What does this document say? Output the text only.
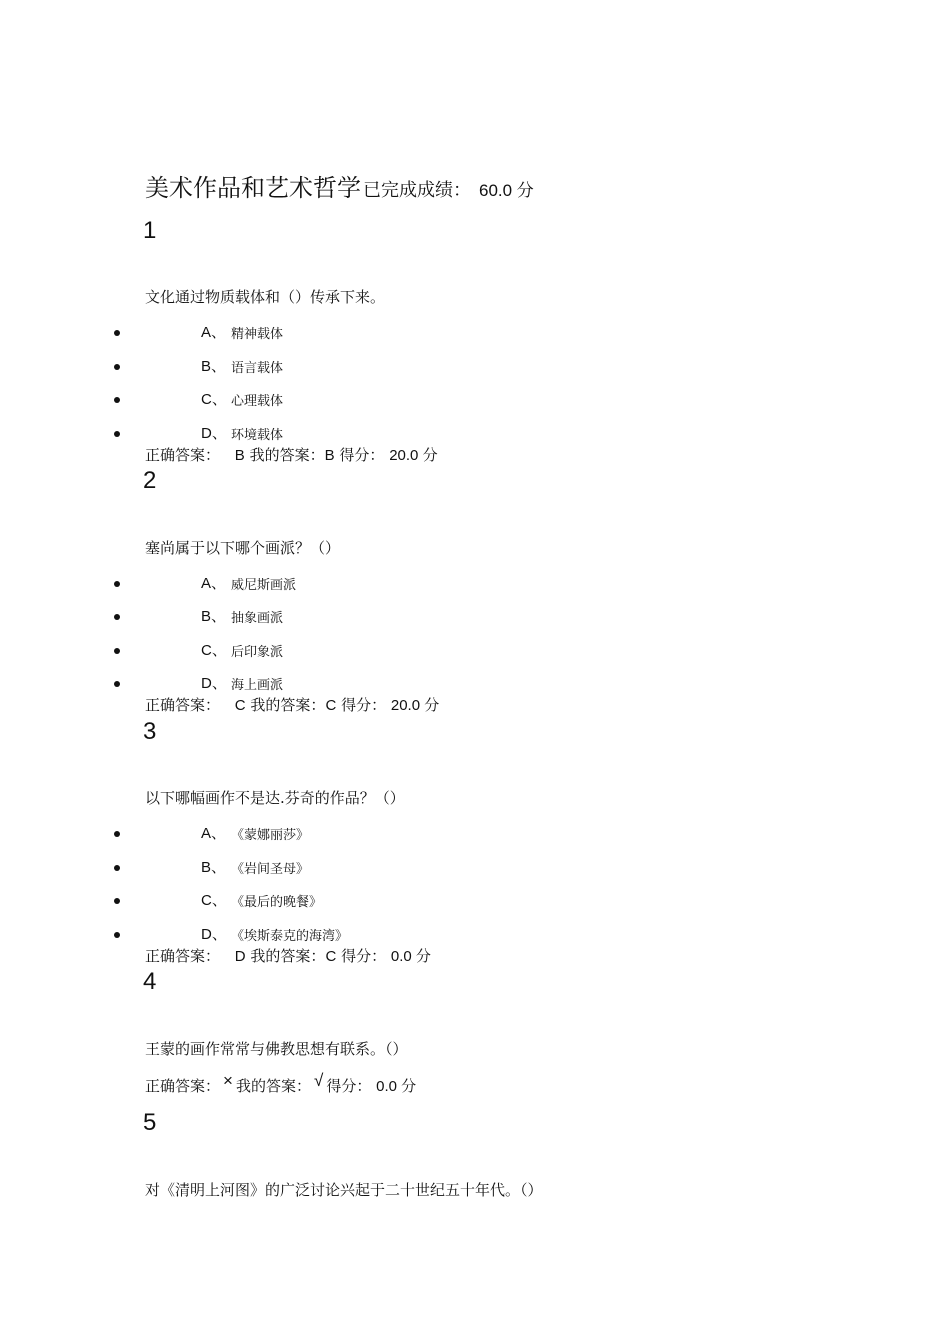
美术作品和艺术哲学 已完成成绩： 60.0 分
1
文化通过物质载体和（）传承下来。
A、 精神载体
B、 语言载体
C、 心理载体
D、 环境载体
正确答案： B 我的答案：B 得分： 20.0 分
2
塞尚属于以下哪个画派？（）
A、 威尼斯画派
B、 抽象画派
C、 后印象派
D、 海上画派
正确答案： C 我的答案：C 得分： 20.0 分
3
以下哪幅画作不是达.芬奇的作品？（）
A、 《蒙娜丽莎》
B、 《岩间圣母》
C、 《最后的晚餐》
D、 《埃斯泰克的海湾》
正确答案： D 我的答案：C 得分： 0.0 分
4
王蒙的画作常常与佛教思想有联系。（）
正确答案： × 我的答案： √ 得分： 0.0 分
5
对《清明上河图》的广泛讨论兴起于二十世纪五十年代。（）
